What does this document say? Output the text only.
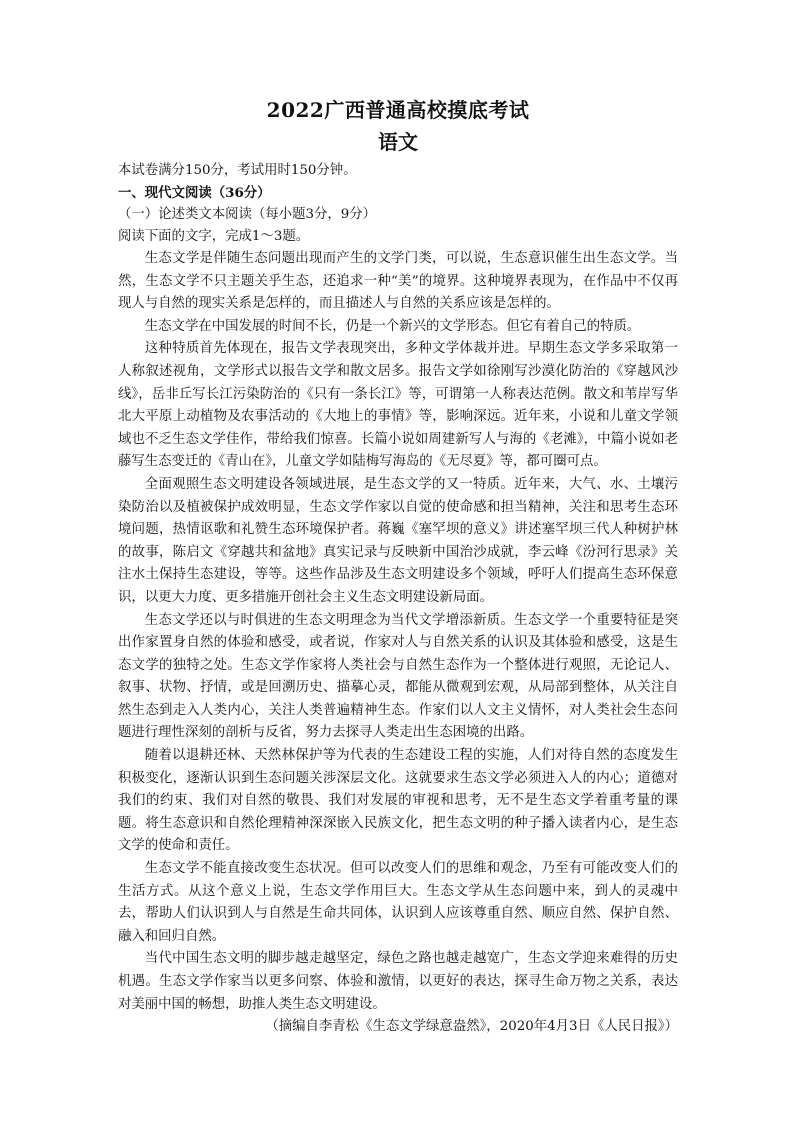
2022广西普通高校摸底考试
语文

本试卷满分150分，考试用时150分钟。

一、现代文阅读（36分）

（一）论述类文本阅读（每小题3分，9分）

阅读下面的文字，完成1～3题。

生态文学是伴随生态问题出现而产生的文学门类，可以说，生态意识催生出生态文学。当然，生态文学不只主题关乎生态，还追求一种“美”的境界。这种境界表现为，在作品中不仅再现人与自然的现实关系是怎样的，而且描述人与自然的关系应该是怎样的。

生态文学在中国发展的时间不长，仍是一个新兴的文学形态。但它有着自己的特质。

这种特质首先体现在，报告文学表现突出，多种文学体裁并进。早期生态文学多采取第一人称叙述视角，文学形式以报告文学和散文居多。报告文学如徐刚写沙漠化防治的《穿越风沙线》，岳非丘写长江污染防治的《只有一条长江》等，可谓第一人称表达范例。散文和苇岸写华北大平原上动植物及农事活动的《大地上的事情》等，影响深远。近年来，小说和儿童文学领域也不乏生态文学佳作，带给我们惊喜。长篇小说如周建新写人与海的《老滩》，中篇小说如老藤写生态变迁的《青山在》，儿童文学如陆梅写海岛的《无尽夏》等，都可圈可点。

全面观照生态文明建设各领域进展，是生态文学的又一特质。近年来，大气、水、土壤污染防治以及植被保护成效明显，生态文学作家以自觉的使命感和担当精神，关注和思考生态环境问题，热情讴歌和礼赞生态环境保护者。蒋巍《塞罕坝的意义》讲述塞罕坝三代人种树护林的故事，陈启文《穿越共和盆地》真实记录与反映新中国治沙成就，李云峰《汾河行思录》关注水土保持生态建设，等等。这些作品涉及生态文明建设多个领域，呼吁人们提高生态环保意识，以更大力度、更多措施开创社会主义生态文明建设新局面。

生态文学还以与时俱进的生态文明理念为当代文学增添新质。生态文学一个重要特征是突出作家置身自然的体验和感受，或者说，作家对人与自然关系的认识及其体验和感受，这是生态文学的独特之处。生态文学作家将人类社会与自然生态作为一个整体进行观照，无论记人、叙事、状物、抒情，或是回溯历史、描摹心灵，都能从微观到宏观，从局部到整体，从关注自然生态到走入人类内心，关注人类普遍精神生态。作家们以人文主义情怀，对人类社会生态问题进行理性深刻的剖析与反省，努力去探寻人类走出生态困境的出路。

随着以退耕还林、天然林保护等为代表的生态建设工程的实施，人们对待自然的态度发生积极变化，逐渐认识到生态问题关涉深层文化。这就要求生态文学必须进入人的内心；道德对我们的约束、我们对自然的敬畏、我们对发展的审视和思考，无不是生态文学着重考量的课题。将生态意识和自然伦理精神深深嵌入民族文化，把生态文明的种子播入读者内心，是生态文学的使命和责任。

生态文学不能直接改变生态状况。但可以改变人们的思维和观念，乃至有可能改变人们的生活方式。从这个意义上说，生态文学作用巨大。生态文学从生态问题中来，到人的灵魂中去，帮助人们认识到人与自然是生命共同体，认识到人应该尊重自然、顺应自然、保护自然、融入和回归自然。

当代中国生态文明的脚步越走越坚定，绿色之路也越走越宽广，生态文学迎来难得的历史机遇。生态文学作家当以更多问察、体验和激情，以更好的表达，探寻生命万物之关系，表达对美丽中国的畅想，助推人类生态文明建设。

（摘编自李青松《生态文学绿意盎然》，2020年4月3日《人民日报》）
